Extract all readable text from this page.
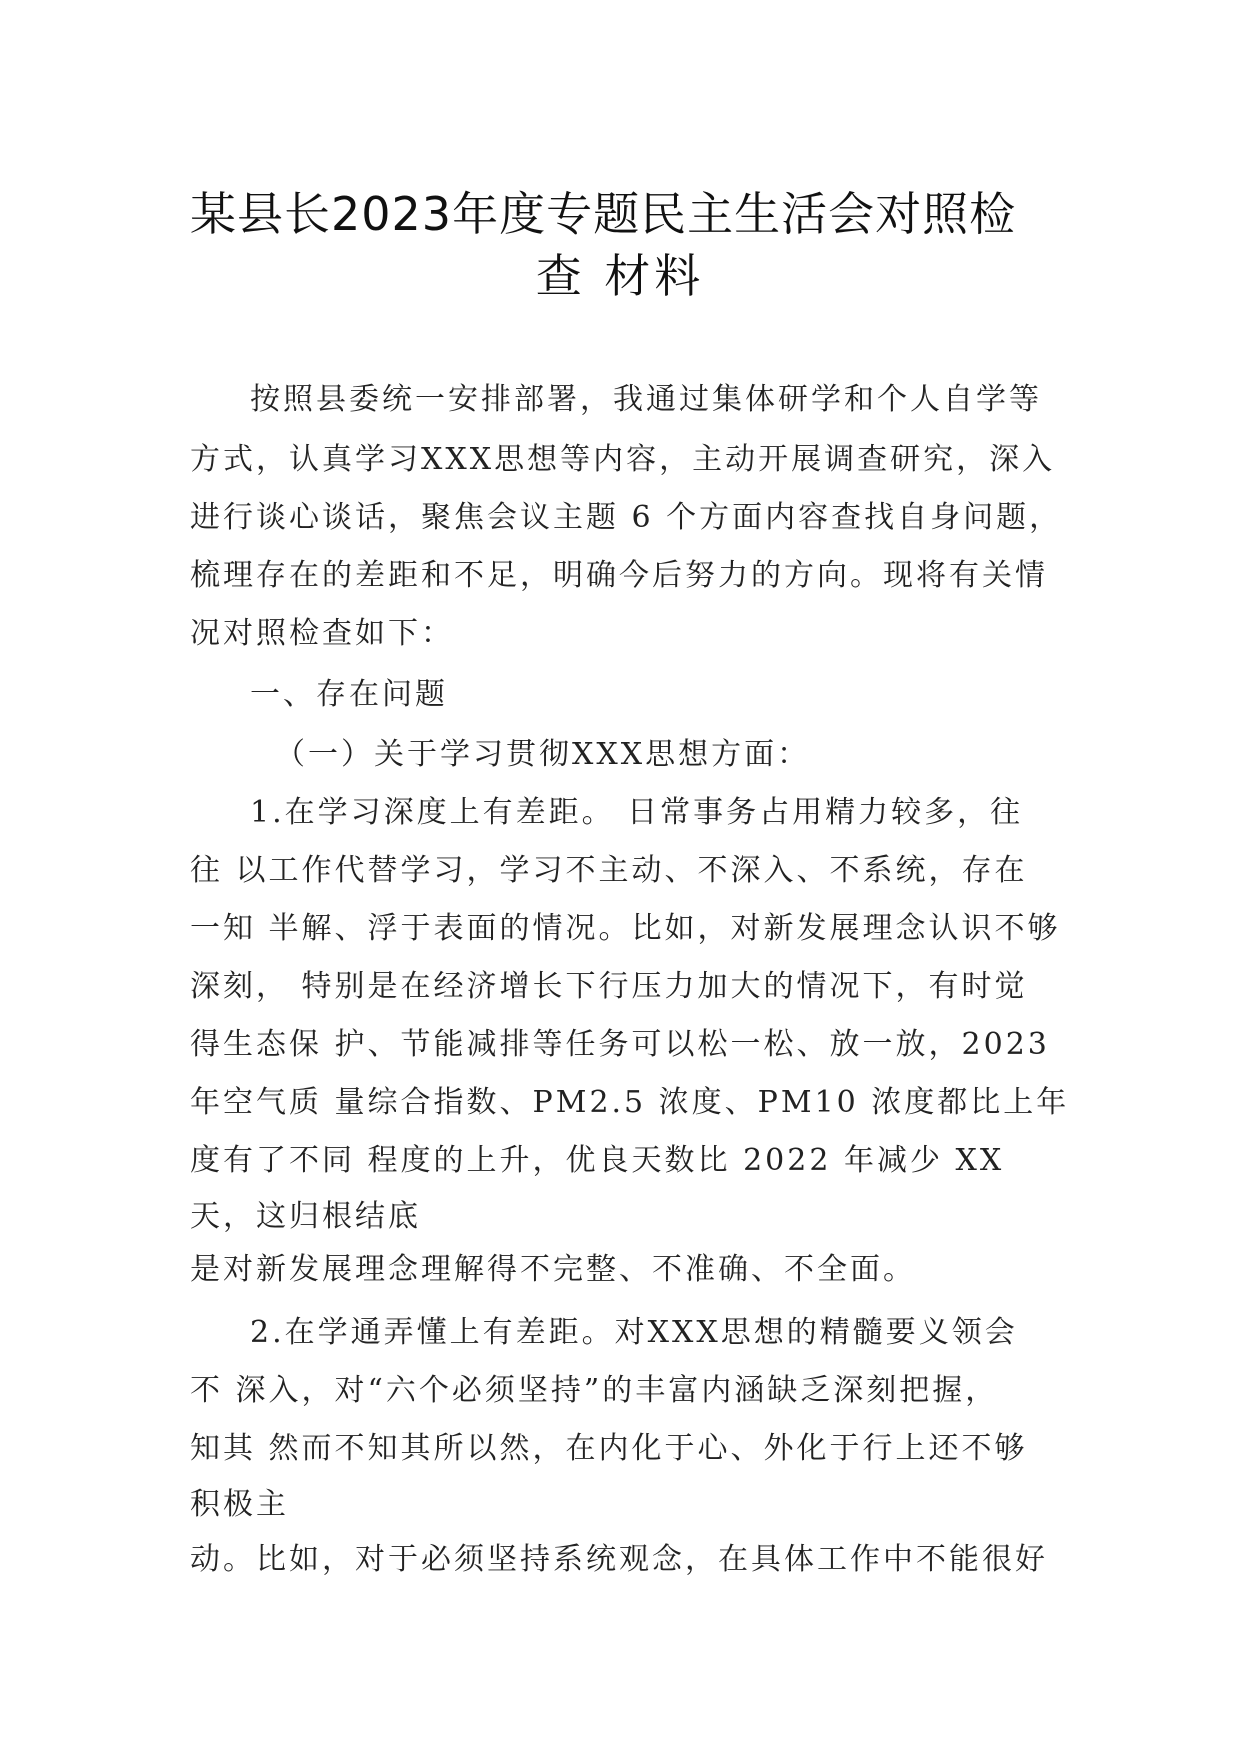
某县长2023年度专题民主生活会对照检
查 材料
按照县委统一安排部署，我通过集体研学和个人自学等
方式，认真学习XXX思想等内容，主动开展调查研究，深入
进行谈心谈话，聚焦会议主题 6 个方面内容查找自身问题，
梳理存在的差距和不足，明确今后努力的方向。现将有关情
况对照检查如下：
一、存在问题
（一）关于学习贯彻XXX思想方面：
1.在学习深度上有差距。 日常事务占用精力较多，往
往 以工作代替学习，学习不主动、不深入、不系统，存在
一知 半解、浮于表面的情况。比如，对新发展理念认识不够
深刻， 特别是在经济增长下行压力加大的情况下，有时觉
得生态保 护、节能减排等任务可以松一松、放一放，2023
年空气质 量综合指数、PM2.5 浓度、PM10 浓度都比上年
度有了不同 程度的上升，优良天数比 2022 年减少 XX
天，这归根结底
是对新发展理念理解得不完整、不准确、不全面。
2.在学通弄懂上有差距。对XXX思想的精髓要义领会
不 深入，对“六个必须坚持”的丰富内涵缺乏深刻把握，
知其 然而不知其所以然，在内化于心、外化于行上还不够
积极主
动。比如，对于必须坚持系统观念，在具体工作中不能很好
